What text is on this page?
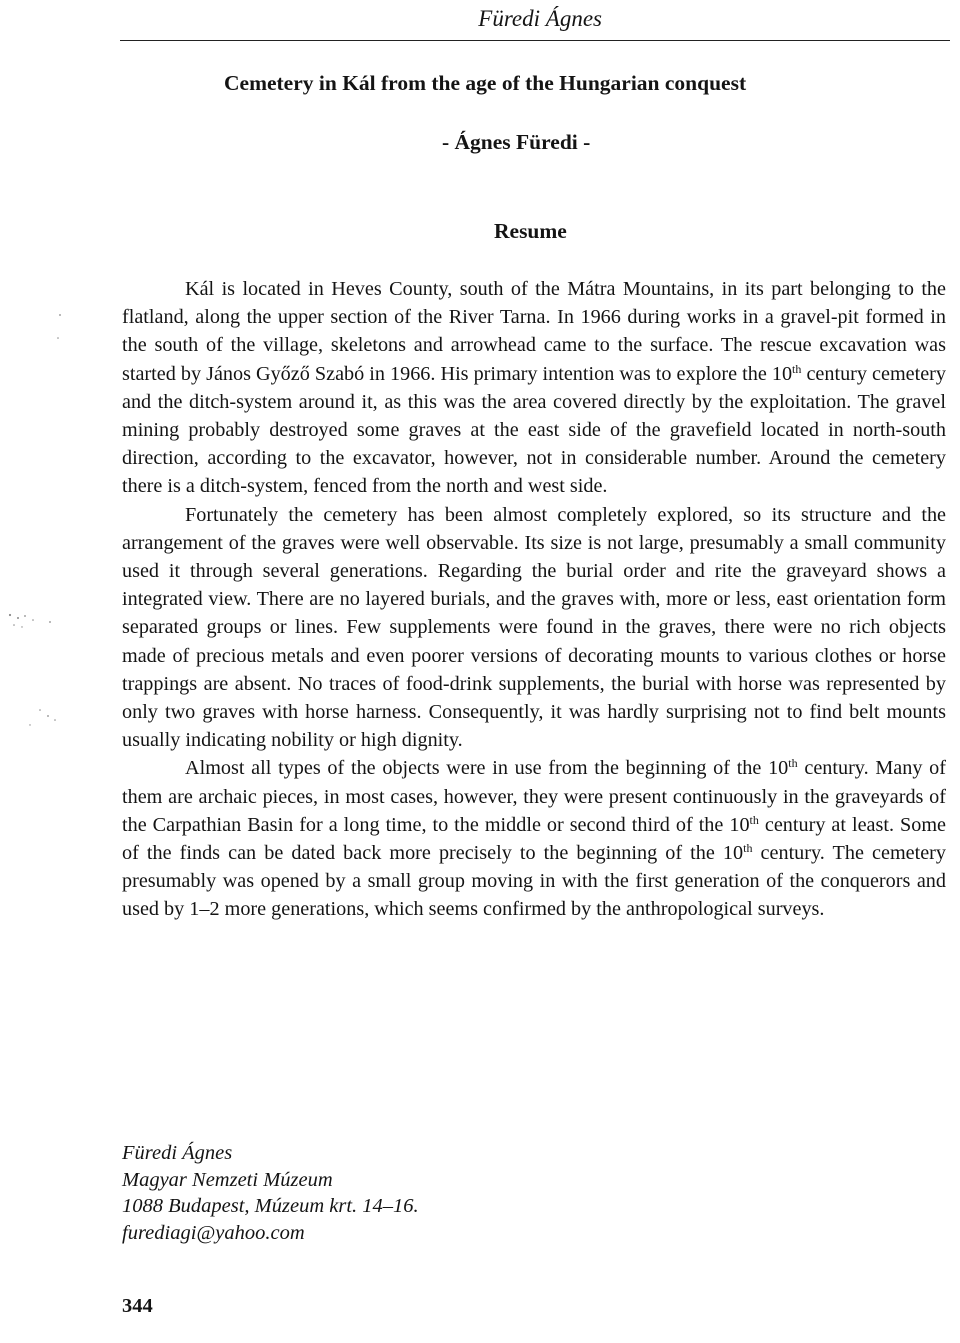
Füredi Ágnes
Cemetery in Kál from the age of the Hungarian conquest
- Ágnes Füredi -
Resume

Kál is located in Heves County, south of the Mátra Mountains, in its part belonging to the flatland, along the upper section of the River Tarna. In 1966 during works in a gravel-pit formed in the south of the village, skeletons and arrowhead came to the surface. The rescue excavation was started by János Győző Szabó in 1966. His primary intention was to explore the 10th century cemetery and the ditch-system around it, as this was the area covered directly by the exploitation. The gravel mining probably destroyed some graves at the east side of the gravefield located in north-south direction, according to the excavator, however, not in considerable number. Around the cemetery there is a ditch-system, fenced from the north and west side.

Fortunately the cemetery has been almost completely explored, so its structure and the arrangement of the graves were well observable. Its size is not large, presumably a small community used it through several generations. Regarding the burial order and rite the graveyard shows a integrated view. There are no layered burials, and the graves with, more or less, east orientation form separated groups or lines. Few supplements were found in the graves, there were no rich objects made of precious metals and even poorer versions of decorating mounts to various clothes or horse trappings are absent. No traces of food-drink supplements, the burial with horse was represented by only two graves with horse harness. Consequently, it was hardly surprising not to find belt mounts usually indicating nobility or high dignity.

Almost all types of the objects were in use from the beginning of the 10th century. Many of them are archaic pieces, in most cases, however, they were present continuously in the graveyards of the Carpathian Basin for a long time, to the middle or second third of the 10th century at least. Some of the finds can be dated back more precisely to the beginning of the 10th century. The cemetery presumably was opened by a small group moving in with the first generation of the conquerors and used by 1–2 more generations, which seems confirmed by the anthropological surveys.

Füredi Ágnes
Magyar Nemzeti Múzeum
1088 Budapest, Múzeum krt. 14–16.
furediagi@yahoo.com
344
